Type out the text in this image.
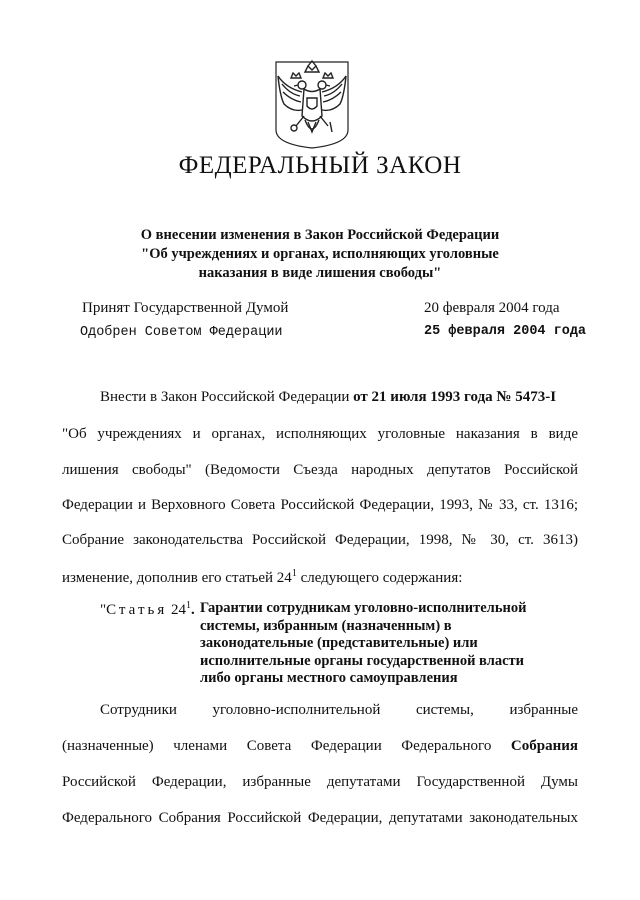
ФЕДЕРАЛЬНЫЙ ЗАКОН
О внесении изменения в Закон Российской Федерации
"Об учреждениях и органах, исполняющих уголовные
наказания в виде лишения свободы"
Принят Государственной Думой	20 февраля 2004 года
Одобрен Советом Федерации	25 февраля 2004 года
Внести в Закон Российской Федерации от 21 июля 1993 года № 5473-I
"Об учреждениях и органах, исполняющих уголовные наказания в виде
лишения свободы" (Ведомости Съезда народных депутатов Российской
Федерации и Верховного Совета Российской Федерации, 1993, № 33, ст. 1316;
Собрание законодательства Российской Федерации, 1998, № 30, ст. 3613)
изменение, дополнив его статьей $24^1$ следующего содержания:
"Статья $24^1$. Гарантии сотрудникам уголовно-исполнительной
системы, избранным (назначенным) в
законодательные (представительные) или
исполнительные органы государственной власти
либо органы местного самоуправления
Сотрудники уголовно-исполнительной системы, избранные
(назначенные) членами Совета Федерации Федерального Собрания
Российской Федерации, избранные депутатами Государственной Думы
Федерального Собрания Российской Федерации, депутатами законодательных
